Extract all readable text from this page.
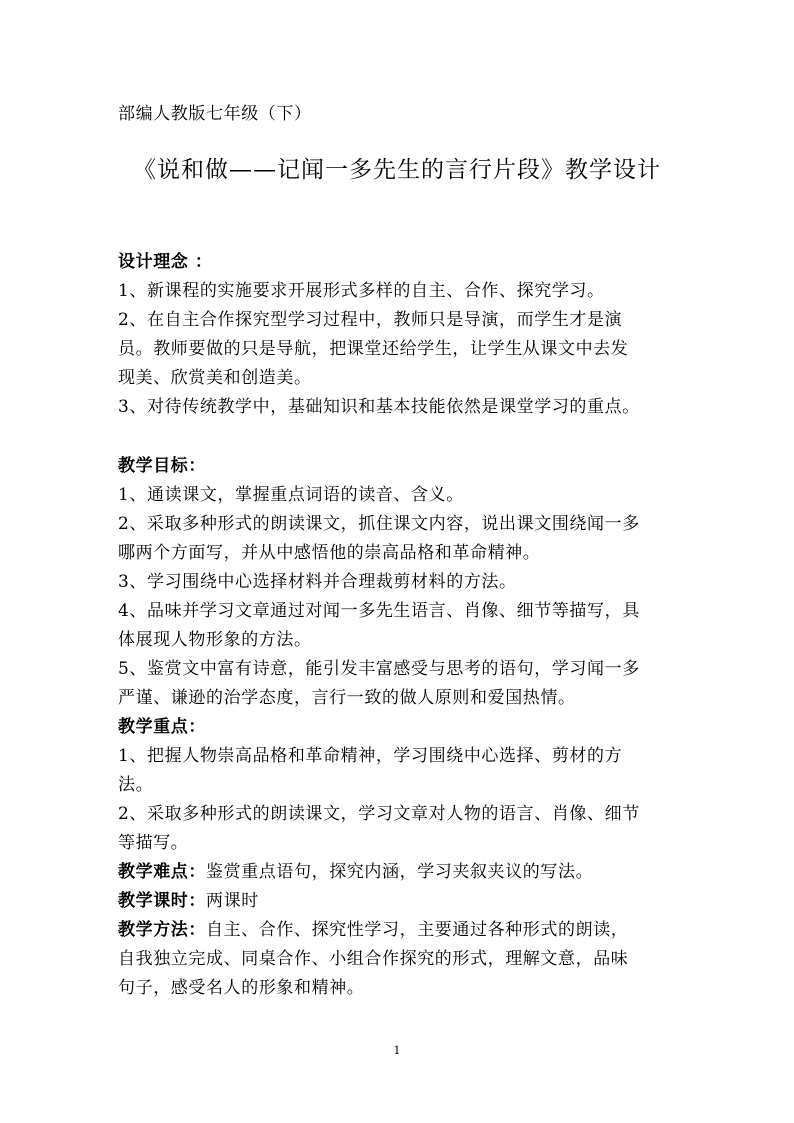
部编人教版七年级（下）
《说和做——记闻一多先生的言行片段》教学设计
设计理念 ：
1、新课程的实施要求开展形式多样的自主、合作、探究学习。
2、在自主合作探究型学习过程中，教师只是导演，而学生才是演
员。教师要做的只是导航，把课堂还给学生，让学生从课文中去发
现美、欣赏美和创造美。
3、对待传统教学中，基础知识和基本技能依然是课堂学习的重点。
教学目标：
1、通读课文，掌握重点词语的读音、含义。
2、采取多种形式的朗读课文，抓住课文内容，说出课文围绕闻一多
哪两个方面写，并从中感悟他的崇高品格和革命精神。
3、学习围绕中心选择材料并合理裁剪材料的方法。
4、品味并学习文章通过对闻一多先生语言、肖像、细节等描写，具
体展现人物形象的方法。
5、鉴赏文中富有诗意，能引发丰富感受与思考的语句，学习闻一多
严谨、谦逊的治学态度，言行一致的做人原则和爱国热情。
教学重点：
1、把握人物崇高品格和革命精神，学习围绕中心选择、剪材的方
法。
2、采取多种形式的朗读课文，学习文章对人物的语言、肖像、细节
等描写。
教学难点：鉴赏重点语句，探究内涵，学习夹叙夹议的写法。
教学课时：两课时
教学方法：自主、合作、探究性学习，主要通过各种形式的朗读，
自我独立完成、同桌合作、小组合作探究的形式，理解文意，品味
句子，感受名人的形象和精神。
1
